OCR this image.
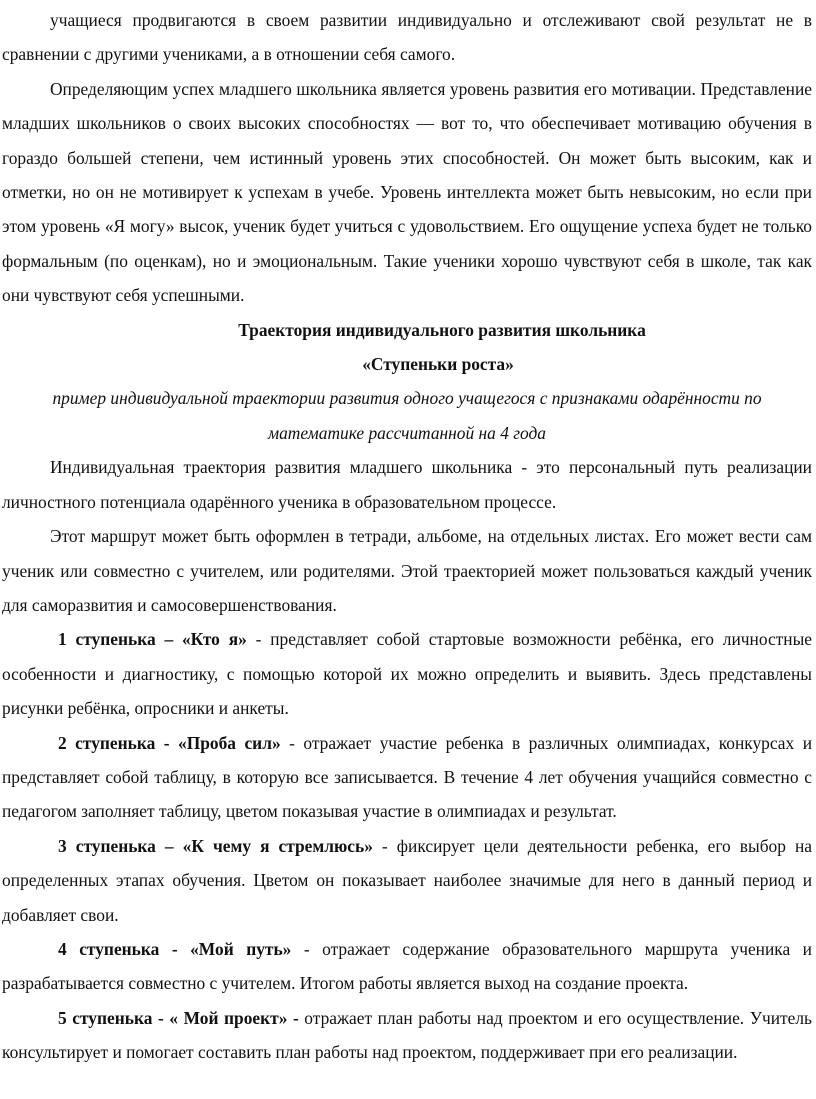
учащиеся продвигаются в своем развитии индивидуально и отслеживают свой результат не в сравнении с другими учениками, а в отношении себя самого.

Определяющим успех младшего школьника является уровень развития его мотивации. Представление младших школьников о своих высоких способностях — вот то, что обеспечивает мотивацию обучения в гораздо большей степени, чем истинный уровень этих способностей. Он может быть высоким, как и отметки, но он не мотивирует к успехам в учебе. Уровень интеллекта может быть невысоким, но если при этом уровень «Я могу» высок, ученик будет учиться с удовольствием. Его ощущение успеха будет не только формальным (по оценкам), но и эмоциональным. Такие ученики хорошо чувствуют себя в школе, так как они чувствуют себя успешными.

Траектория индивидуального развития школьника

«Ступеньки роста»

пример индивидуальной траектории развития одного учащегося с признаками одарённости по

математике рассчитанной на 4 года

Индивидуальная траектория развития младшего школьника - это персональный путь реализации личностного потенциала одарённого ученика в образовательном процессе.

Этот маршрут может быть оформлен в тетради, альбоме, на отдельных листах. Его может вести сам ученик или совместно с учителем, или родителями. Этой траекторией может пользоваться каждый ученик для саморазвития и самосовершенствования.

1 ступенька – «Кто я» - представляет собой стартовые возможности ребёнка, его личностные особенности и диагностику, с помощью которой их можно определить и выявить. Здесь представлены рисунки ребёнка, опросники и анкеты.

2 ступенька - «Проба сил» - отражает участие ребенка в различных олимпиадах, конкурсах и представляет собой таблицу, в которую все записывается. В течение 4 лет обучения учащийся совместно с педагогом заполняет таблицу, цветом показывая участие в олимпиадах и результат.

3 ступенька – «К чему я стремлюсь» - фиксирует цели деятельности ребенка, его выбор на определенных этапах обучения. Цветом он показывает наиболее значимые для него в данный период и добавляет свои.

4 ступенька - «Мой путь» - отражает содержание образовательного маршрута ученика и разрабатывается совместно с учителем. Итогом работы является выход на создание проекта.

5 ступенька - « Мой проект» - отражает план работы над проектом и его осуществление. Учитель консультирует и помогает составить план работы над проектом, поддерживает при его реализации.
